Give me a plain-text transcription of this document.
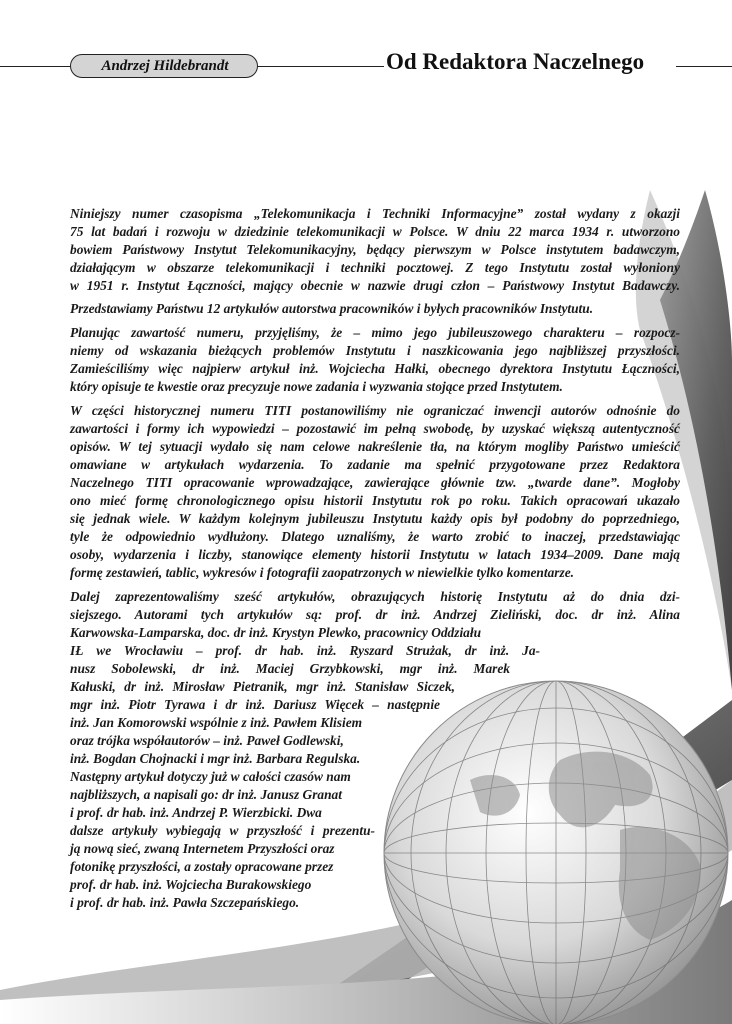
Andrzej Hildebrandt	Od Redaktora Naczelnego
Niniejszy numer czasopisma „Telekomunikacja i Techniki Informacyjne” został wydany z okazji
75 lat badań i rozwoju w dziedzinie telekomunikacji w Polsce. W dniu 22 marca 1934 r. utworzono
bowiem Państwowy Instytut Telekomunikacyjny, będący pierwszym w Polsce instytutem badawczym,
działającym w obszarze telekomunikacji i techniki pocztowej. Z tego Instytutu został wyłoniony
w 1951 r. Instytut Łączności, mający obecnie w nazwie drugi człon – Państwowy Instytut Badawczy.
Przedstawiamy Państwu 12 artykułów autorstwa pracowników i byłych pracowników Instytutu.
Planując zawartość numeru, przyjęliśmy, że – mimo jego jubileuszowego charakteru – rozpocz-
niemy od wskazania bieżących problemów Instytutu i naszkicowania jego najbliższej przyszłości.
Zamieściliśmy więc najpierw artykuł inż. Wojciecha Hałki, obecnego dyrektora Instytutu Łączności,
który opisuje te kwestie oraz precyzuje nowe zadania i wyzwania stojące przed Instytutem.
W części historycznej numeru TITI postanowiliśmy nie ograniczać inwencji autorów odnośnie do
zawartości i formy ich wypowiedzi – pozostawić im pełną swobodę, by uzyskać większą autentyczność
opisów. W tej sytuacji wydało się nam celowe nakreślenie tła, na którym mogliby Państwo umieścić
omawiane w artykułach wydarzenia. To zadanie ma spełnić przygotowane przez Redaktora
Naczelnego TITI opracowanie wprowadzające, zawierające głównie tzw. „twarde dane”. Mogłoby
ono mieć formę chronologicznego opisu historii Instytutu rok po roku. Takich opracowań ukazało
się jednak wiele. W każdym kolejnym jubileuszu Instytutu każdy opis był podobny do poprzedniego,
tyle że odpowiednio wydłużony. Dlatego uznaliśmy, że warto zrobić to inaczej, przedstawiając
osoby, wydarzenia i liczby, stanowiące elementy historii Instytutu w latach 1934–2009. Dane mają
formę zestawień, tablic, wykresów i fotografii zaopatrzonych w niewielkie tylko komentarze.
Dalej zaprezentowaliśmy sześć artykułów, obrazujących historię Instytutu aż do dnia dzi-
siejszego. Autorami tych artykułów są: prof. dr inż. Andrzej Zieliński, doc. dr inż. Alina
Karwowska-Lamparska, doc. dr inż. Krystyn Plewko, pracownicy Oddziału
IŁ we Wrocławiu – prof. dr hab. inż. Ryszard Strużak, dr inż. Ja-
nusz Sobolewski, dr inż. Maciej Grzybkowski, mgr inż. Marek
Kałuski, dr inż. Mirosław Pietranik, mgr inż. Stanisław Siczek,
mgr inż. Piotr Tyrawa i dr inż. Dariusz Więcek – następnie
inż. Jan Komorowski wspólnie z inż. Pawłem Klisiem
oraz trójka współautorów – inż. Paweł Godlewski,
inż. Bogdan Chojnacki i mgr inż. Barbara Regulska.
Następny artykuł dotyczy już w całości czasów nam
najbliższych, a napisali go: dr inż. Janusz Granat
i prof. dr hab. inż. Andrzej P. Wierzbicki. Dwa
dalsze artykuły wybiegają w przyszłość i prezentu-
ją nową sieć, zwaną Internetem Przyszłości oraz
fotonikę przyszłości, a zostały opracowane przez
prof. dr hab. inż. Wojciecha Burakowskiego
i prof. dr hab. inż. Pawła Szczepańskiego.
